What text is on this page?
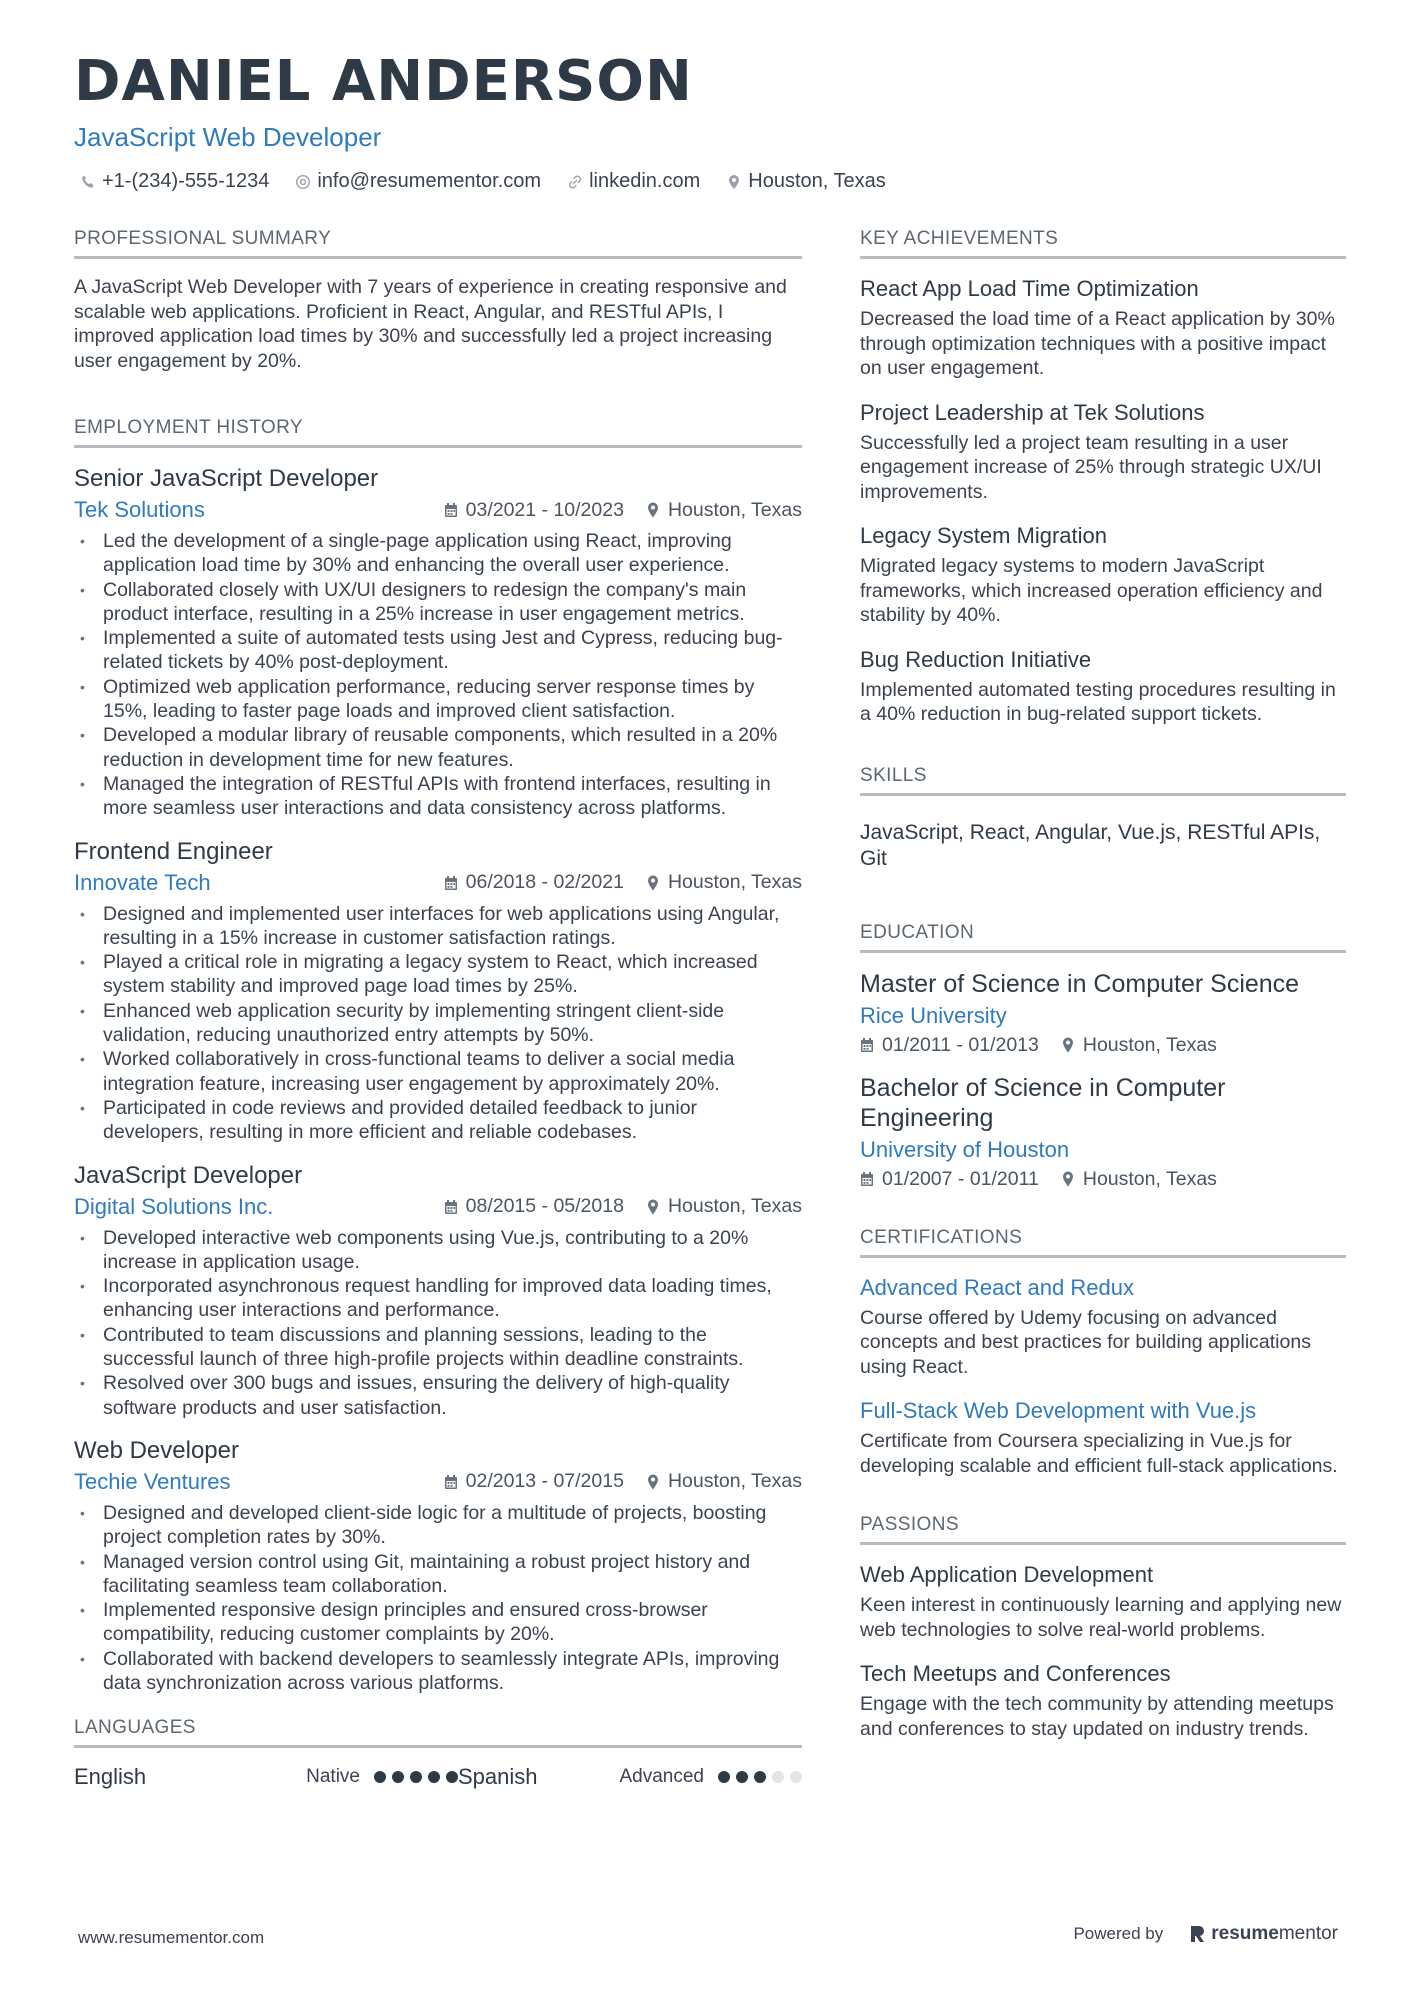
DANIEL ANDERSON
JavaScript Web Developer
+1-(234)-555-1234 info@resumementor.com linkedin.com Houston, Texas
PROFESSIONAL SUMMARY
A JavaScript Web Developer with 7 years of experience in creating responsive and scalable web applications. Proficient in React, Angular, and RESTful APIs, I improved application load times by 30% and successfully led a project increasing user engagement by 20%.
EMPLOYMENT HISTORY
Senior JavaScript Developer
Tek Solutions	03/2021 - 10/2023 Houston, Texas
• Led the development of a single-page application using React, improving application load time by 30% and enhancing the overall user experience.
• Collaborated closely with UX/UI designers to redesign the company's main product interface, resulting in a 25% increase in user engagement metrics.
• Implemented a suite of automated tests using Jest and Cypress, reducing bug-related tickets by 40% post-deployment.
• Optimized web application performance, reducing server response times by 15%, leading to faster page loads and improved client satisfaction.
• Developed a modular library of reusable components, which resulted in a 20% reduction in development time for new features.
• Managed the integration of RESTful APIs with frontend interfaces, resulting in more seamless user interactions and data consistency across platforms.
Frontend Engineer
Innovate Tech	06/2018 - 02/2021 Houston, Texas
• Designed and implemented user interfaces for web applications using Angular, resulting in a 15% increase in customer satisfaction ratings.
• Played a critical role in migrating a legacy system to React, which increased system stability and improved page load times by 25%.
• Enhanced web application security by implementing stringent client-side validation, reducing unauthorized entry attempts by 50%.
• Worked collaboratively in cross-functional teams to deliver a social media integration feature, increasing user engagement by approximately 20%.
• Participated in code reviews and provided detailed feedback to junior developers, resulting in more efficient and reliable codebases.
JavaScript Developer
Digital Solutions Inc.	08/2015 - 05/2018 Houston, Texas
• Developed interactive web components using Vue.js, contributing to a 20% increase in application usage.
• Incorporated asynchronous request handling for improved data loading times, enhancing user interactions and performance.
• Contributed to team discussions and planning sessions, leading to the successful launch of three high-profile projects within deadline constraints.
• Resolved over 300 bugs and issues, ensuring the delivery of high-quality software products and user satisfaction.
Web Developer
Techie Ventures	02/2013 - 07/2015 Houston, Texas
• Designed and developed client-side logic for a multitude of projects, boosting project completion rates by 30%.
• Managed version control using Git, maintaining a robust project history and facilitating seamless team collaboration.
• Implemented responsive design principles and ensured cross-browser compatibility, reducing customer complaints by 20%.
• Collaborated with backend developers to seamlessly integrate APIs, improving data synchronization across various platforms.
LANGUAGES
English	Native	Spanish	Advanced
KEY ACHIEVEMENTS
React App Load Time Optimization
Decreased the load time of a React application by 30% through optimization techniques with a positive impact on user engagement.
Project Leadership at Tek Solutions
Successfully led a project team resulting in a user engagement increase of 25% through strategic UX/UI improvements.
Legacy System Migration
Migrated legacy systems to modern JavaScript frameworks, which increased operation efficiency and stability by 40%.
Bug Reduction Initiative
Implemented automated testing procedures resulting in a 40% reduction in bug-related support tickets.
SKILLS
JavaScript, React, Angular, Vue.js, RESTful APIs, Git
EDUCATION
Master of Science in Computer Science
Rice University
01/2011 - 01/2013 Houston, Texas
Bachelor of Science in Computer Engineering
University of Houston
01/2007 - 01/2011 Houston, Texas
CERTIFICATIONS
Advanced React and Redux
Course offered by Udemy focusing on advanced concepts and best practices for building applications using React.
Full-Stack Web Development with Vue.js
Certificate from Coursera specializing in Vue.js for developing scalable and efficient full-stack applications.
PASSIONS
Web Application Development
Keen interest in continuously learning and applying new web technologies to solve real-world problems.
Tech Meetups and Conferences
Engage with the tech community by attending meetups and conferences to stay updated on industry trends.
www.resumementor.com	Powered by	resumementor
